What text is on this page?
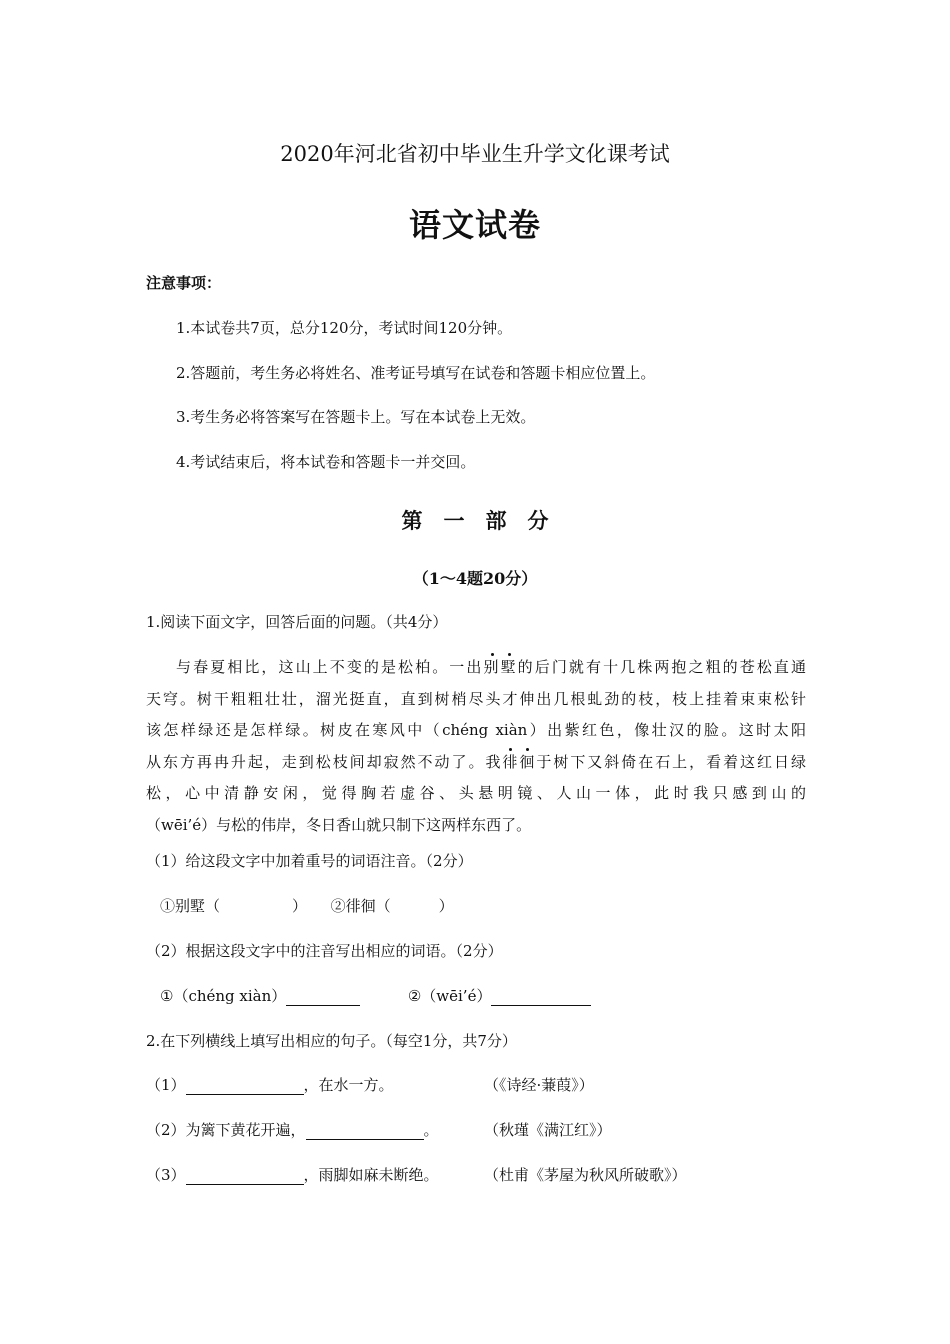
2020年河北省初中毕业生升学文化课考试
语文试卷
注意事项：
1.本试卷共7页，总分120分，考试时间120分钟。
2.答题前，考生务必将姓名、准考证号填写在试卷和答题卡相应位置上。
3.考生务必将答案写在答题卡上。写在本试卷上无效。
4.考试结束后，将本试卷和答题卡一并交回。
第　一　部　分
（1～4题20分）
1.阅读下面文字，回答后面的问题。（共4分）
与春夏相比，这山上不变的是松柏。一出别墅的后门就有十几株两抱之粗的苍松直通
天穹。树干粗粗壮壮，溜光挺直，直到树梢尽头才伸出几根虬劲的枝，枝上挂着束束松针
该怎样绿还是怎样绿。树皮在寒风中（chéng xiàn）出紫红色，像壮汉的脸。这时太阳
从东方再冉升起，走到松枝间却寂然不动了。我徘徊于树下又斜倚在石上，看着这红日绿
松，心中清静安闲，觉得胸若虚谷、头悬明镜、人山一体，此时我只感到山的
（wēi’é）与松的伟岸，冬日香山就只制下这两样东西了。
（1）给这段文字中加着重号的词语注音。（2分）
①别墅（	） ②徘徊（	）
（2）根据这段文字中的注音写出相应的词语。（2分）
①（chéng xiàn）	②（wēi’é）
2.在下列横线上填写出相应的句子。（每空1分，共7分）
（1）	，在水一方。	（《诗经·蒹葭》）
（2）为篱下黄花开遍，	。	（秋瑾《满江红》）
（3）	，雨脚如麻未断绝。	（杜甫《茅屋为秋风所破歌》）
